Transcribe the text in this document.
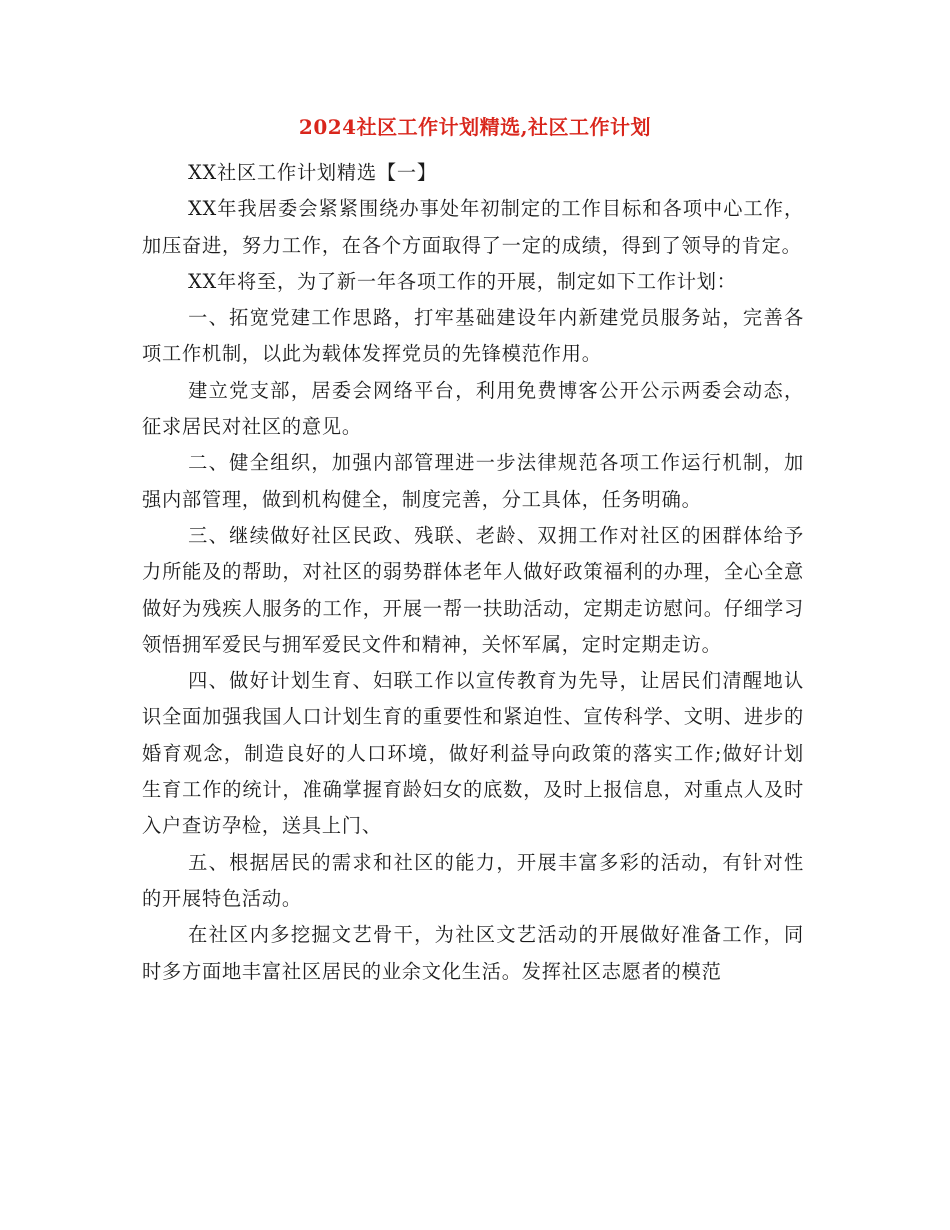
2024社区工作计划精选,社区工作计划

XX社区工作计划精选【一】

XX年我居委会紧紧围绕办事处年初制定的工作目标和各项中心工作，加压奋进，努力工作，在各个方面取得了一定的成绩，得到了领导的肯定。

XX年将至，为了新一年各项工作的开展，制定如下工作计划：

一、拓宽党建工作思路，打牢基础建设年内新建党员服务站，完善各项工作机制，以此为载体发挥党员的先锋模范作用。

建立党支部，居委会网络平台，利用免费博客公开公示两委会动态，征求居民对社区的意见。

二、健全组织，加强内部管理进一步法律规范各项工作运行机制，加强内部管理，做到机构健全，制度完善，分工具体，任务明确。

三、继续做好社区民政、残联、老龄、双拥工作对社区的困群体给予力所能及的帮助，对社区的弱势群体老年人做好政策福利的办理，全心全意做好为残疾人服务的工作，开展一帮一扶助活动，定期走访慰问。仔细学习领悟拥军爱民与拥军爱民文件和精神，关怀军属，定时定期走访。

四、做好计划生育、妇联工作以宣传教育为先导，让居民们清醒地认识全面加强我国人口计划生育的重要性和紧迫性、宣传科学、文明、进步的婚育观念，制造良好的人口环境，做好利益导向政策的落实工作;做好计划生育工作的统计，准确掌握育龄妇女的底数，及时上报信息，对重点人及时入户查访孕检，送具上门、

五、根据居民的需求和社区的能力，开展丰富多彩的活动，有针对性的开展特色活动。

在社区内多挖掘文艺骨干，为社区文艺活动的开展做好准备工作，同时多方面地丰富社区居民的业余文化生活。发挥社区志愿者的模范
